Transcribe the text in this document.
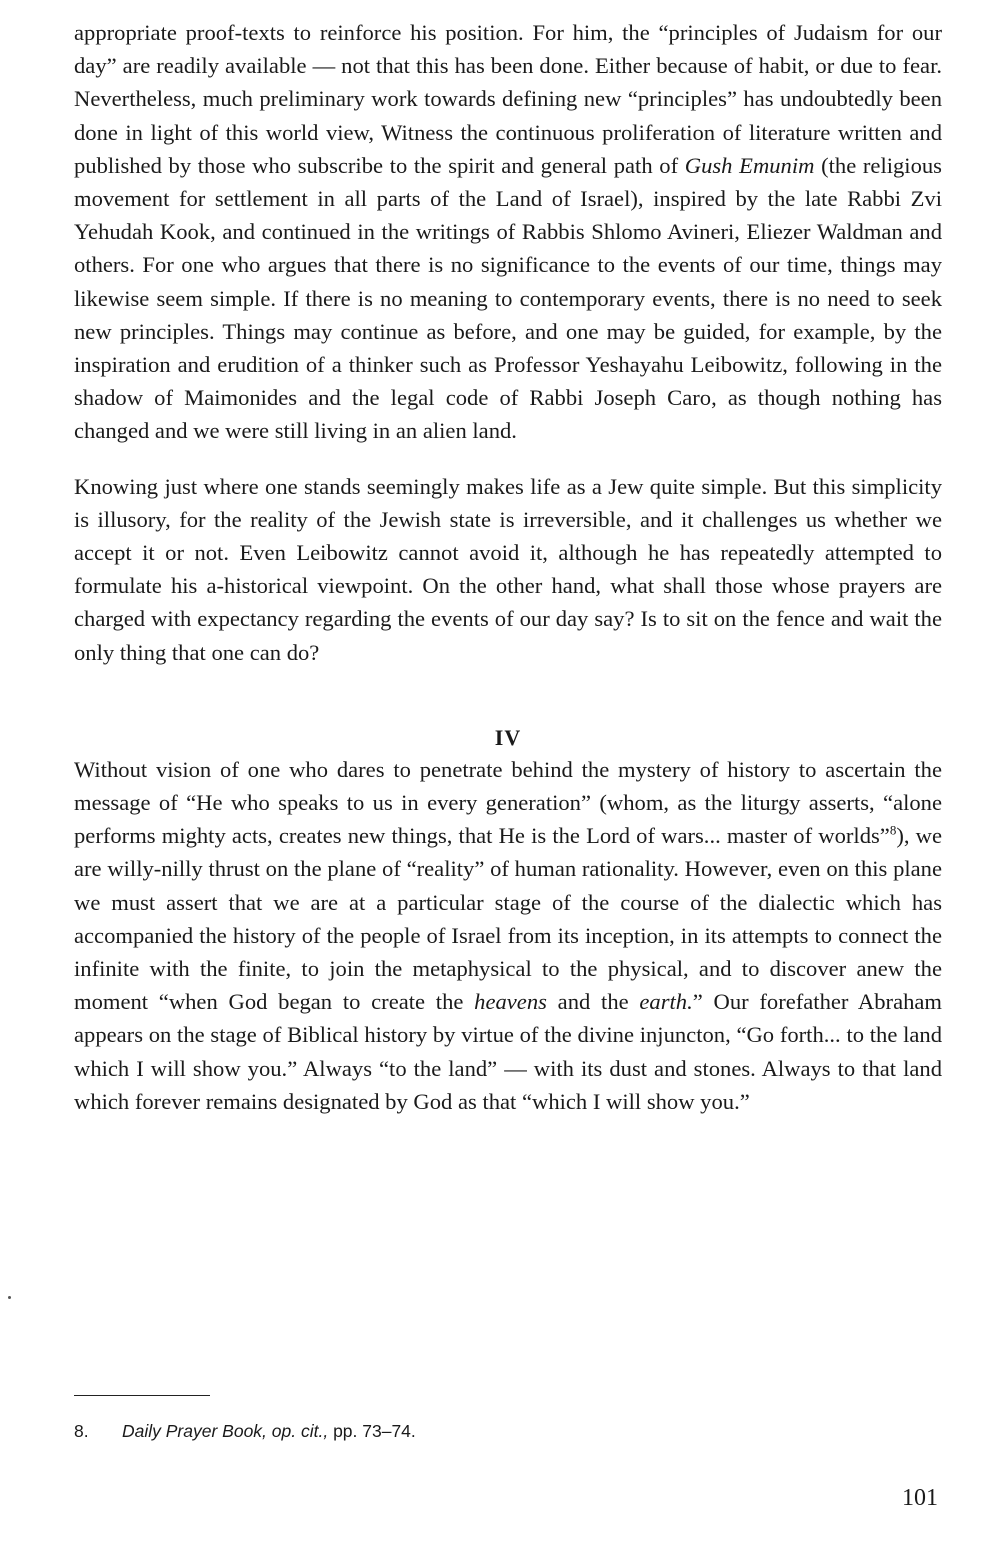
appropriate proof-texts to reinforce his position. For him, the “principles of Judaism for our day” are readily available — not that this has been done. Either because of habit, or due to fear. Nevertheless, much preliminary work towards defining new “principles” has undoubtedly been done in light of this world view, Witness the continuous proliferation of literature written and published by those who subscribe to the spirit and general path of Gush Emunim (the religious movement for settlement in all parts of the Land of Israel), inspired by the late Rabbi Zvi Yehudah Kook, and continued in the writings of Rabbis Shlomo Avineri, Eliezer Waldman and others. For one who argues that there is no significance to the events of our time, things may likewise seem simple. If there is no meaning to contemporary events, there is no need to seek new principles. Things may continue as before, and one may be guided, for example, by the inspiration and erudition of a thinker such as Professor Yeshayahu Leibowitz, following in the shadow of Maimonides and the legal code of Rabbi Joseph Caro, as though nothing has changed and we were still living in an alien land.

Knowing just where one stands seemingly makes life as a Jew quite simple. But this simplicity is illusory, for the reality of the Jewish state is irreversible, and it challenges us whether we accept it or not. Even Leibowitz cannot avoid it, although he has repeatedly attempted to formulate his a-historical viewpoint. On the other hand, what shall those whose prayers are charged with expectancy regarding the events of our day say? Is to sit on the fence and wait the only thing that one can do?

IV

Without vision of one who dares to penetrate behind the mystery of history to ascertain the message of “He who speaks to us in every generation” (whom, as the liturgy asserts, “alone performs mighty acts, creates new things, that He is the Lord of wars... master of worlds”$^8$), we are willy-nilly thrust on the plane of “reality” of human rationality. However, even on this plane we must assert that we are at a particular stage of the course of the dialectic which has accompanied the history of the people of Israel from its inception, in its attempts to connect the infinite with the finite, to join the metaphysical to the physical, and to discover anew the moment “when God began to create the heavens and the earth.” Our forefather Abraham appears on the stage of Biblical history by virtue of the divine injuncton, “Go forth... to the land which I will show you.” Always “to the land” — with its dust and stones. Always to that land which forever remains designated by God as that “which I will show you.”

8. Daily Prayer Book, op. cit., pp. 73–74.
101
